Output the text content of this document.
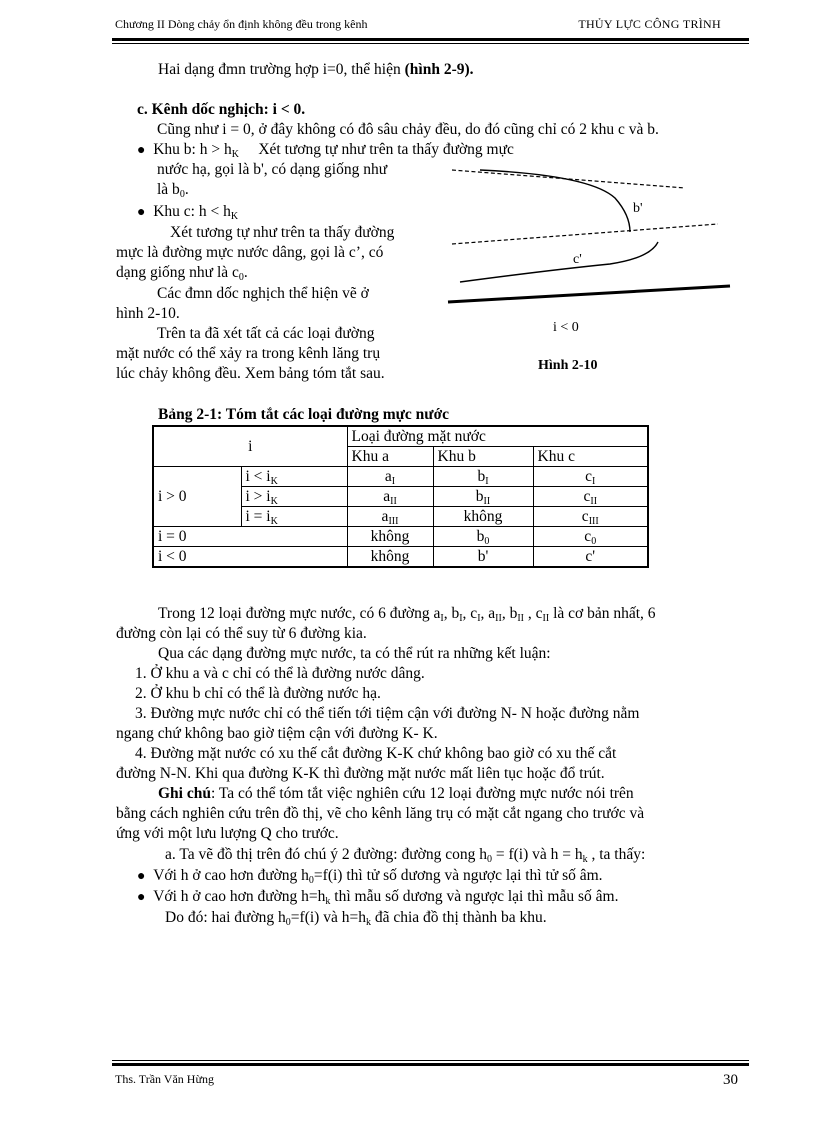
Chương II Dòng chảy ổn định không đều trong kênh	THỦY LỰC CÔNG TRÌNH
Hai dạng đmn trường hợp i=0, thể hiện (hình 2-9).
c. Kênh dốc nghịch: i < 0.
Cũng như i = 0, ở đây không có đô sâu chảy đều, do đó cũng chỉ có 2 khu c và b.
● Khu b: $h > h_K$ Xét tương tự như trên ta thấy đường mực
nước hạ, gọi là b', có dạng giống như
là $b_0$.
● Khu c: $h < h_K$
Xét tương tự như trên ta thấy đường
mực là đường mực nước dâng, gọi là c’, có
dạng giống như là $c_0$.
Các đmn dốc nghịch thể hiện vẽ ở
hình 2-10.
Trên ta đã xét tất cả các loại đường
mặt nước có thể xảy ra trong kênh lăng trụ
lúc chảy không đều. Xem bảng tóm tắt sau.
b'
c'
i < 0
Hình 2-10
Bảng 2-1: Tóm tắt các loại đường mực nước
i		Loại đường mặt nước		
		Khu a	Khu b	Khu c
i > 0	$i < i_K$	$a_I$	$b_I$	$c_I$
	$i > i_K$	$a_{II}$	$b_{II}$	$c_{II}$
	$i = i_K$	$a_{III}$	không	$c_{III}$
i = 0		không	$b_0$	$c_0$
i < 0		không	b'	c'
Trong 12 loại đường mực nước, có 6 đường $a_I$, $b_I$, $c_I$, $a_{II}$, $b_{II}$ , $c_{II}$ là cơ bản nhất, 6
đường còn lại có thể suy từ 6 đường kia.
Qua các dạng đường mực nước, ta có thể rút ra những kết luận:
1. Ở khu a và c chỉ có thể là đường nước dâng.
2. Ở khu b chỉ có thể là đường nước hạ.
3. Đường mực nước chỉ có thể tiến tới tiệm cận với đường N- N hoặc đường nằm
ngang chứ không bao giờ tiệm cận với đường K- K.
4. Đường mặt nước có xu thế cắt đường K-K chứ không bao giờ có xu thế cắt
đường N-N. Khi qua đường K-K thì đường mặt nước mất liên tục hoặc đổ trút.
Ghi chú: Ta có thể tóm tắt việc nghiên cứu 12 loại đường mực nước nói trên
bằng cách nghiên cứu trên đồ thị, vẽ cho kênh lăng trụ có mặt cắt ngang cho trước và
ứng với một lưu lượng Q cho trước.
a. Ta vẽ đồ thị trên đó chú ý 2 đường: đường cong $h_0 = f(i)$ và $h = h_k$ , ta thấy:
● Với h ở cao hơn đường $h_0=f(i)$ thì tử số dương và ngược lại thì tử số âm.
● Với h ở cao hơn đường $h=h_k$ thì mẫu số dương và ngược lại thì mẫu số âm.
Do đó: hai đường $h_0=f(i)$ và $h=h_k$ đã chia đồ thị thành ba khu.
Ths. Trần Văn Hừng	30
